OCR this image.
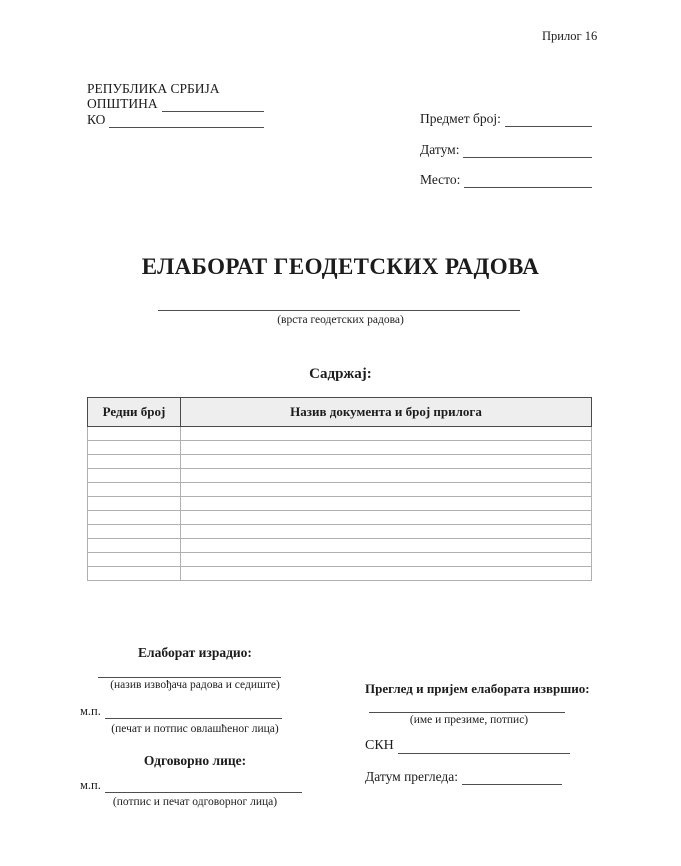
Прилог 16
РЕПУБЛИКА СРБИЈА
ОПШТИНА
КО	Предмет број:
Датум:
Место:
ЕЛАБОРАТ ГЕОДЕТСКИХ РАДОВА
(врста геодетских радова)
Садржај:
Редни број	Назив документа и број прилога

Елаборат израдио:
(назив извођача радова и седиште)
м.п.
(печат и потпис овлашћеног лица)
Одговорно лице:
м.п.
(потпис и печат одговорног лица)
Преглед и пријем елабората извршио:
(име и презиме, потпис)
СКН
Датум прегледа:
